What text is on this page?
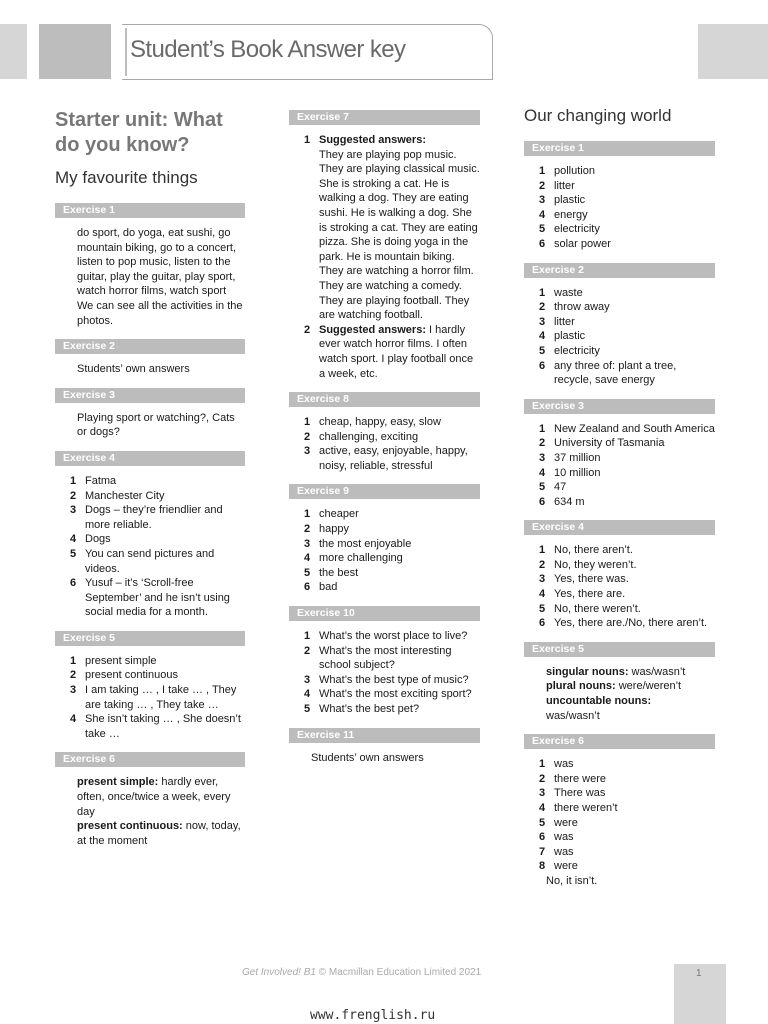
Student’s Book Answer key
Starter unit: What do you know?
My favourite things
Exercise 1

do sport, do yoga, eat sushi, go mountain biking, go to a concert, listen to pop music, listen to the guitar, play the guitar, play sport, watch horror films, watch sport

We can see all the activities in the photos.

Exercise 2
Students’ own answers
Exercise 3
Playing sport or watching?, Cats or dogs?
Exercise 4
1 Fatma
2 Manchester City
3 Dogs – they’re friendlier and more reliable.
4 Dogs
5 You can send pictures and videos.
6 Yusuf – it’s ‘Scroll-free September’ and he isn’t using social media for a month.
Exercise 5
1 present simple
2 present continuous
3 I am taking … , I take … , They are taking … , They take …
4 She isn’t taking … , She doesn’t take …
Exercise 6

present simple: hardly ever, often, once/twice a week, every day

present continuous: now, today, at the moment

Exercise 7
1 Suggested answers:
They are playing pop music. They are playing classical music. She is stroking a cat. He is walking a dog. They are eating sushi. He is walking a dog. She is stroking a cat. They are eating pizza. She is doing yoga in the park. He is mountain biking. They are watching a horror film. They are watching a comedy. They are playing football. They are watching football.
2 Suggested answers: I hardly ever watch horror films. I often watch sport. I play football once a week, etc.
Exercise 8
1 cheap, happy, easy, slow
2 challenging, exciting
3 active, easy, enjoyable, happy, noisy, reliable, stressful
Exercise 9
1 cheaper
2 happy
3 the most enjoyable
4 more challenging
5 the best
6 bad
Exercise 10
1 What’s the worst place to live?
2 What’s the most interesting school subject?
3 What’s the best type of music?
4 What’s the most exciting sport?
5 What’s the best pet?
Exercise 11
Students’ own answers
Our changing world
Exercise 1
1 pollution
2 litter
3 plastic
4 energy
5 electricity
6 solar power
Exercise 2
1 waste
2 throw away
3 litter
4 plastic
5 electricity
6 any three of: plant a tree, recycle, save energy
Exercise 3
1 New Zealand and South America
2 University of Tasmania
3 37 million
4 10 million
5 47
6 634 m
Exercise 4
1 No, there aren’t.
2 No, they weren’t.
3 Yes, there was.
4 Yes, there are.
5 No, there weren’t.
6 Yes, there are./No, there aren’t.
Exercise 5

singular nouns: was/wasn’t

plural nouns: were/weren’t

uncountable nouns:

was/wasn’t

Exercise 6
1 was
2 there were
3 There was
4 there weren’t
5 were
6 was
7 was
8 were
No, it isn’t.
Get Involved! B1 © Macmillan Education Limited 2021	1
www.frenglish.ru
